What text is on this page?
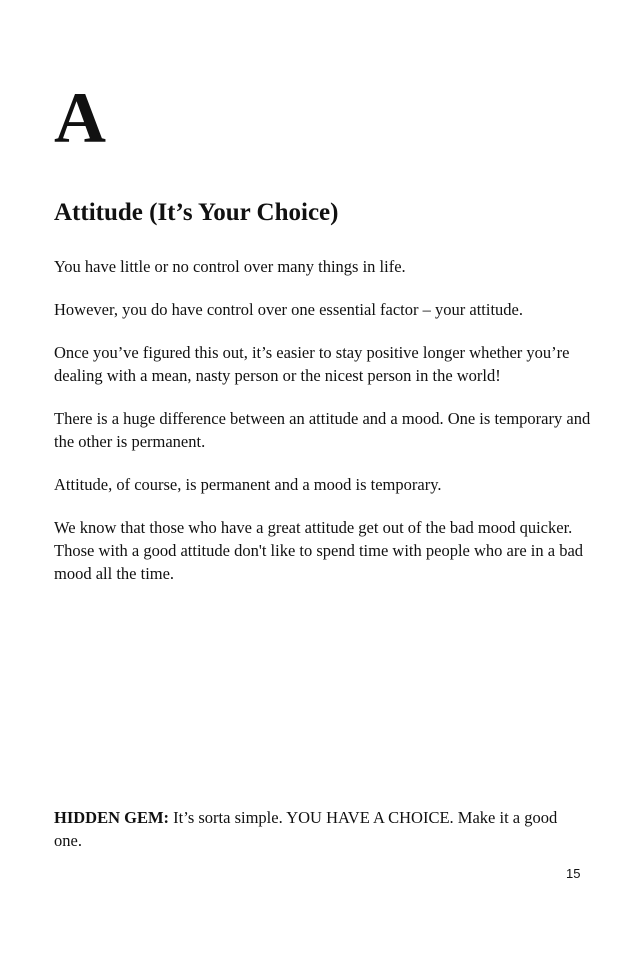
A
Attitude (It’s Your Choice)

You have little or no control over many things in life.

However, you do have control over one essential factor – your attitude.

Once you’ve figured this out, it’s easier to stay positive longer whether you’re dealing with a mean, nasty person or the nicest person in the world!

There is a huge difference between an attitude and a mood. One is temporary and the other is permanent.

Attitude, of course, is permanent and a mood is temporary.

We know that those who have a great attitude get out of the bad mood quicker. Those with a good attitude don't like to spend time with people who are in a bad mood all the time.

HIDDEN GEM: It’s sorta simple. YOU HAVE A CHOICE. Make it a good one.

15
